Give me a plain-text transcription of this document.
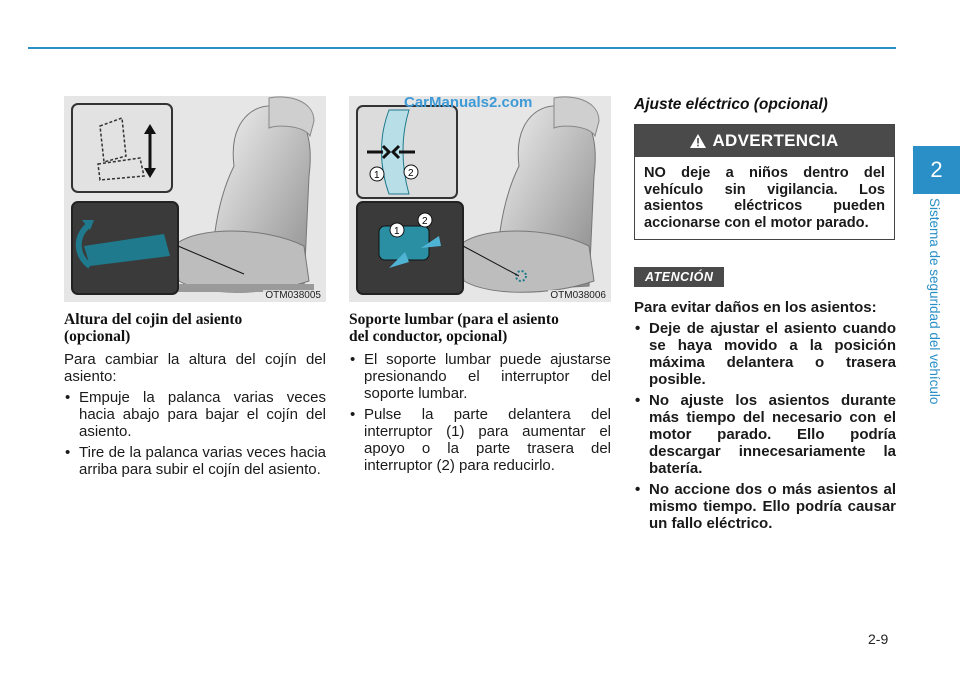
OTM038005
Altura del cojin del asiento
(opcional)

Para cambiar la altura del cojín del asiento:

• Empuje la palanca varias veces hacia abajo para bajar el cojín del asiento.
• Tire de la palanca varias veces hacia arriba para subir el cojín del asiento.
1	2
1
2
CarManuals2.com
OTM038006
Soporte lumbar (para el asiento
del conductor, opcional)
• El soporte lumbar puede ajustarse presionando el interruptor del soporte lumbar.
• Pulse la parte delantera del interruptor (1) para aumentar el apoyo o la parte trasera del interruptor (2) para reducirlo.
Ajuste eléctrico (opcional)
ADVERTENCIA
NO deje a niños dentro del vehículo sin vigilancia. Los asientos eléctricos pueden accionarse con el motor parado.
ATENCIÓN

Para evitar daños en los asientos:

• Deje de ajustar el asiento cuando se haya movido a la posición máxima delantera o trasera posible.
• No ajuste los asientos durante más tiempo del necesario con el motor parado. Ello podría descargar innecesariamente la batería.
• No accione dos o más asientos al mismo tiempo. Ello podría causar un fallo eléctrico.
2
Sistema de seguridad del vehículo
2-9
